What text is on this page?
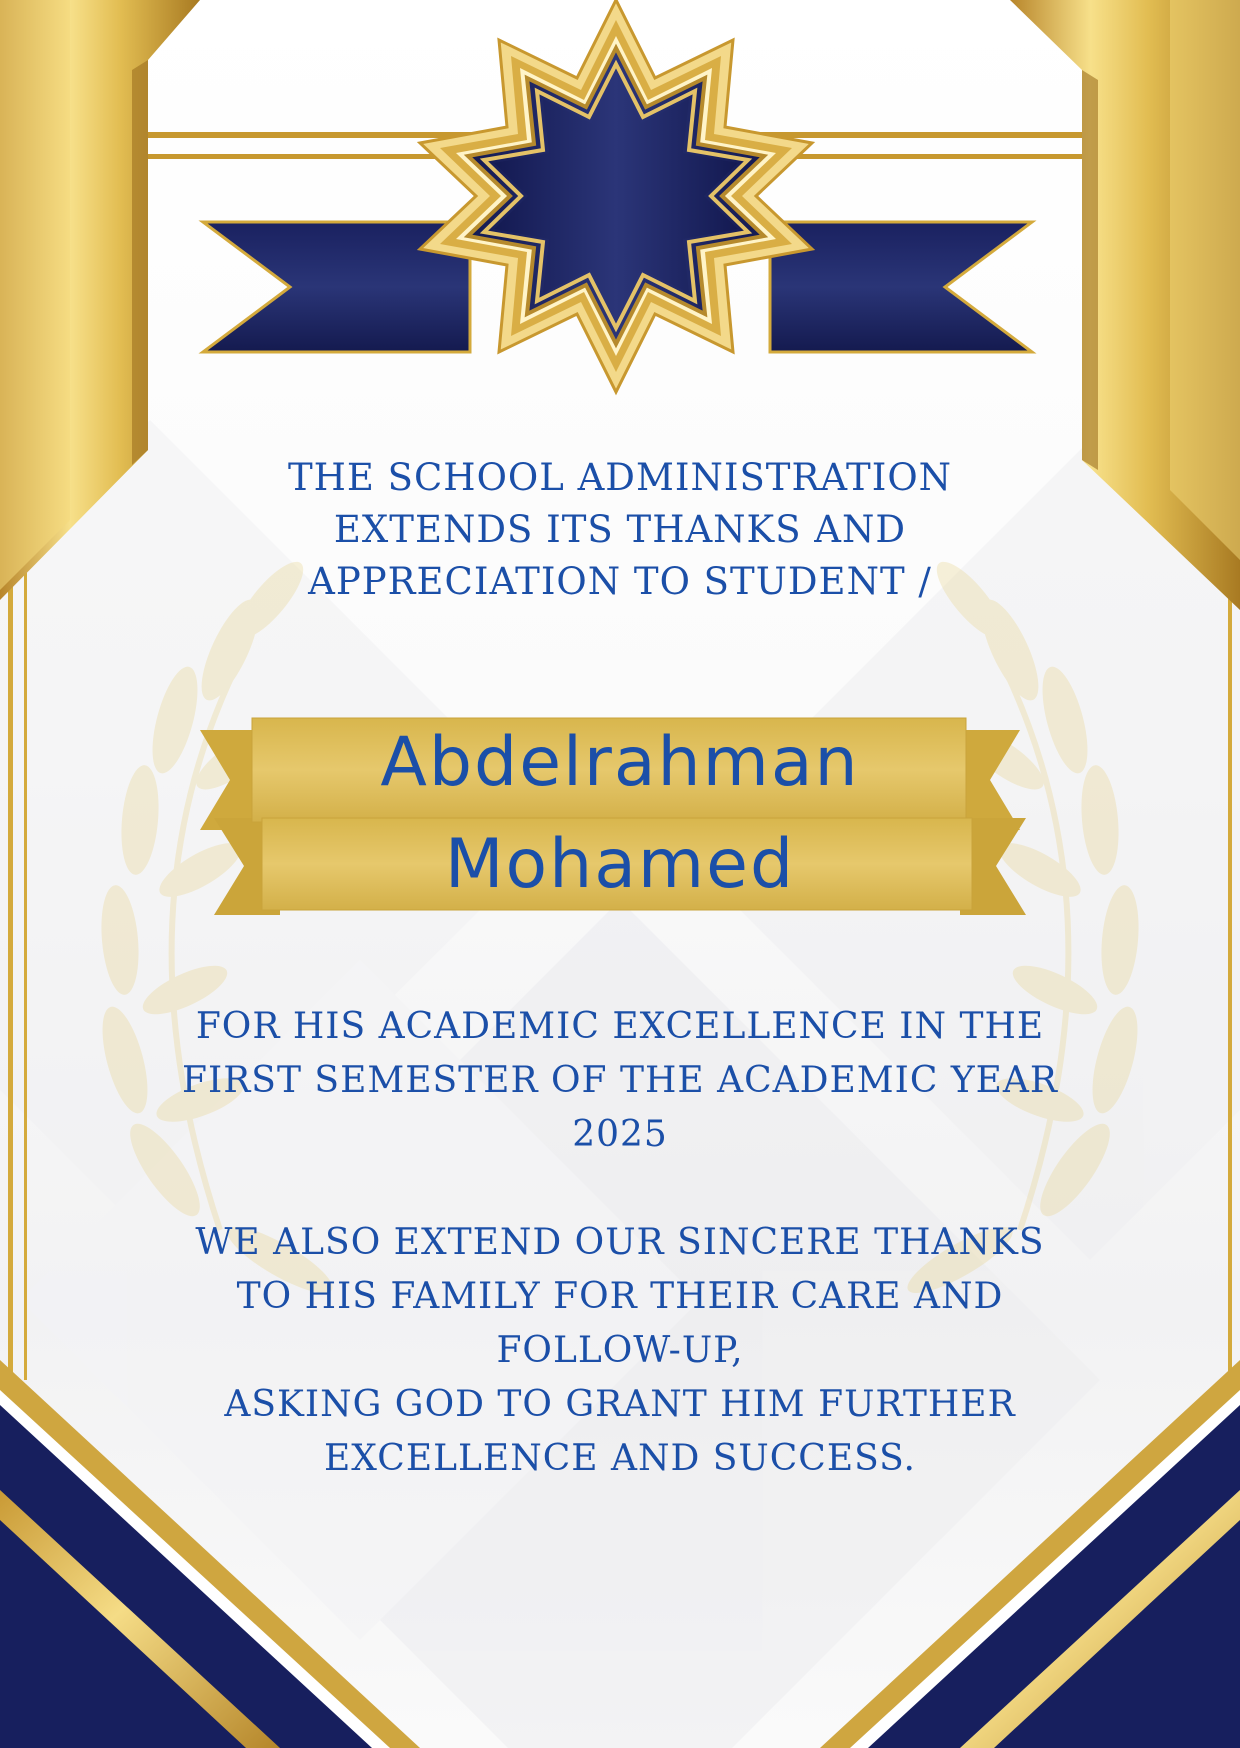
THE SCHOOL ADMINISTRATION
EXTENDS ITS THANKS AND
APPRECIATION TO STUDENT /
Abdelrahman
Mohamed
FOR HIS ACADEMIC EXCELLENCE IN THE
FIRST SEMESTER OF THE ACADEMIC YEAR
2025
WE ALSO EXTEND OUR SINCERE THANKS
TO HIS FAMILY FOR THEIR CARE AND
FOLLOW-UP,
ASKING GOD TO GRANT HIM FURTHER
EXCELLENCE AND SUCCESS.
